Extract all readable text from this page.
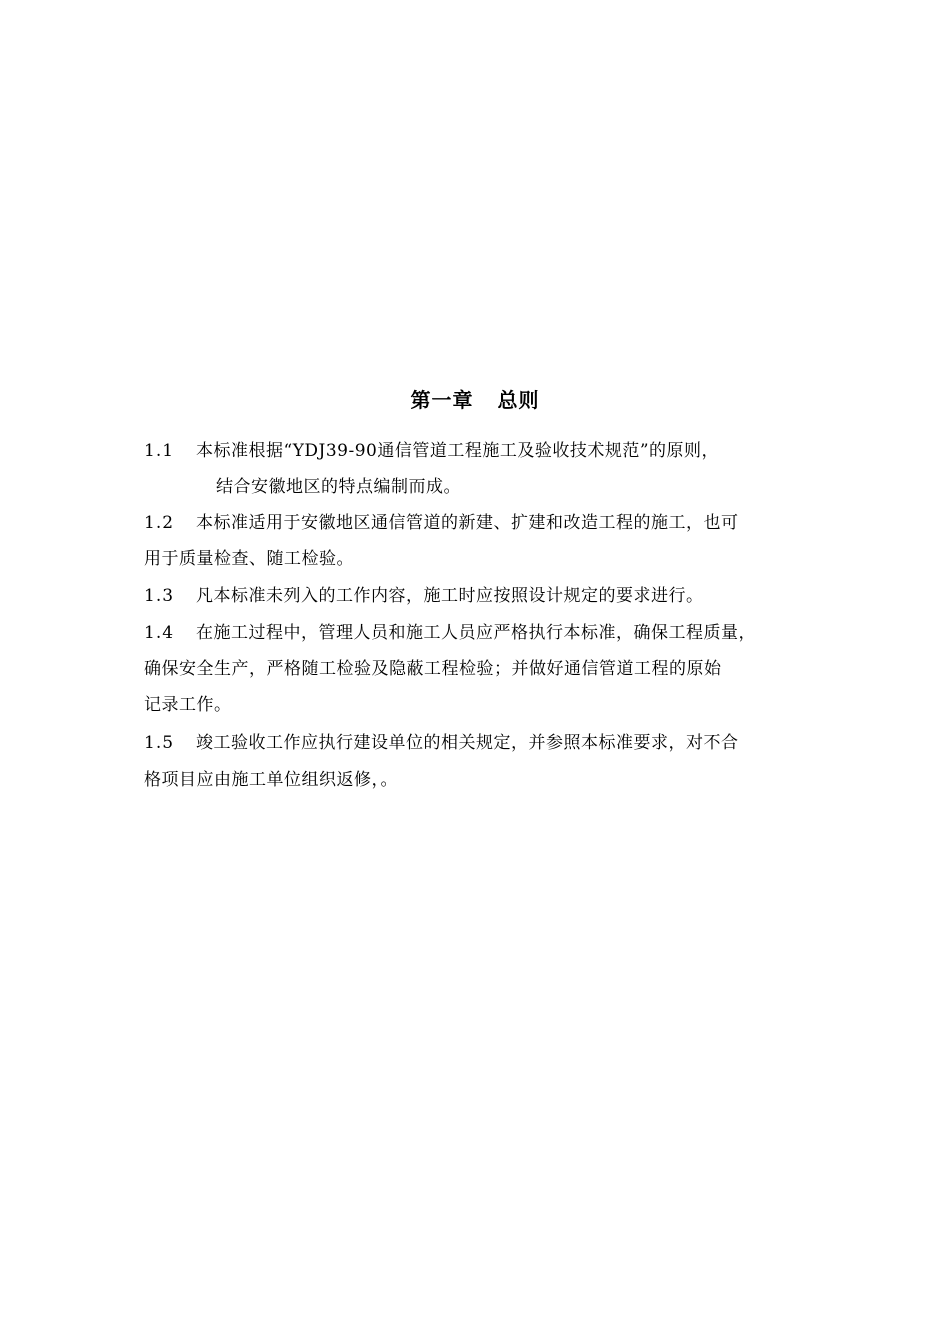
第一章 总则
1.1 本标准根据“YDJ39-90通信管道工程施工及验收技术规范”的原则，
结合安徽地区的特点编制而成。
1.2 本标准适用于安徽地区通信管道的新建、扩建和改造工程的施工，也可
用于质量检查、随工检验。
1.3 凡本标准未列入的工作内容，施工时应按照设计规定的要求进行。
1.4 在施工过程中，管理人员和施工人员应严格执行本标准，确保工程质量，
确保安全生产，严格随工检验及隐蔽工程检验；并做好通信管道工程的原始
记录工作。
1.5 竣工验收工作应执行建设单位的相关规定，并参照本标准要求，对不合
格项目应由施工单位组织返修，。
